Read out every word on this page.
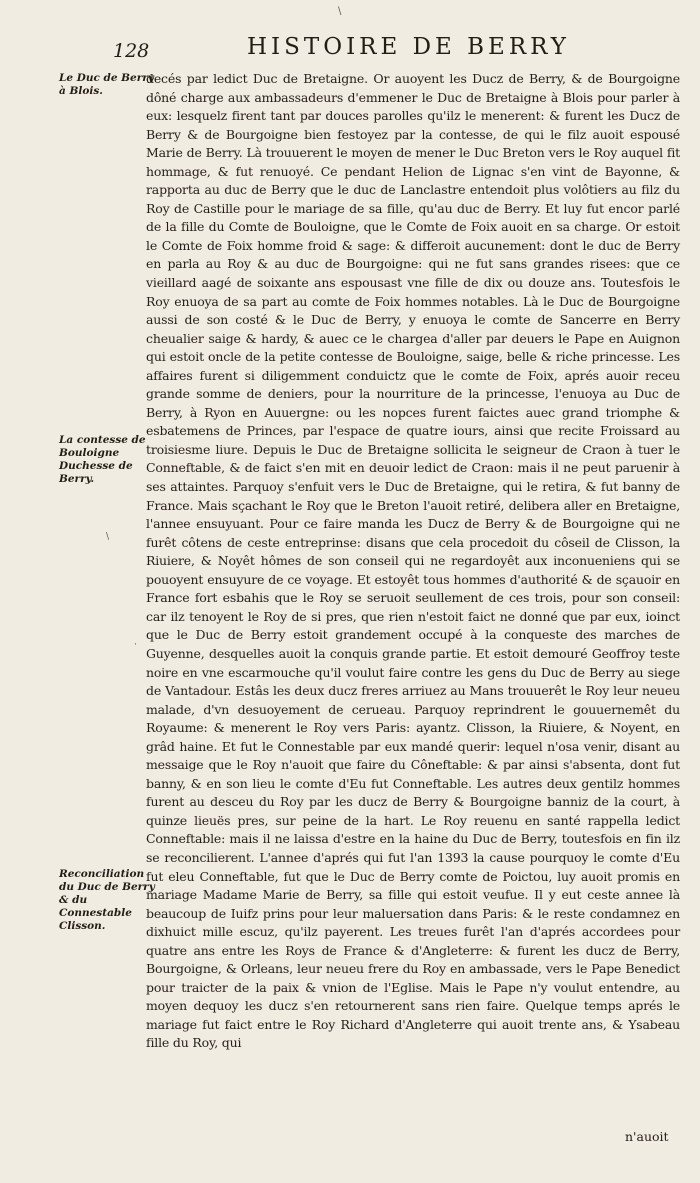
\
128	HISTOIRE DE BERRY
Le Duc de Berry à Blois.
La contesse de Bouloigne Duchesse de Berry.
Reconciliation du Duc de Berry & du Connestable Clisson.
\
·
decés par ledict Duc de Bretaigne. Or auoyent les Ducz de Berry, & de Bourgoigne dôné charge aux ambassadeurs d'emmener le Duc de Bretaigne à Blois pour parler à eux: lesquelz firent tant par douces parolles qu'ilz le menerent: & furent les Ducz de Berry & de Bourgoigne bien festoyez par la contesse, de qui le filz auoit espousé Marie de Berry. Là trouuerent le moyen de mener le Duc Breton vers le Roy auquel fit hommage, & fut renuoyé. Ce pendant Helion de Lignac s'en vint de Bayonne, & rapporta au duc de Berry que le duc de Lanclastre entendoit plus volôtiers au filz du Roy de Castille pour le mariage de sa fille, qu'au duc de Berry. Et luy fut encor parlé de la fille du Comte de Bouloigne, que le Comte de Foix auoit en sa charge. Or estoit le Comte de Foix homme froid & sage: & differoit aucunement: dont le duc de Berry en parla au Roy & au duc de Bourgoigne: qui ne fut sans grandes risees: que ce vieillard aagé de soixante ans espousast vne fille de dix ou douze ans. Toutesfois le Roy enuoya de sa part au comte de Foix hommes notables. Là le Duc de Bourgoigne aussi de son costé & le Duc de Berry, y enuoya le comte de Sancerre en Berry cheualier saige & hardy, & auec ce le chargea d'aller par deuers le Pape en Auignon qui estoit oncle de la petite contesse de Bouloigne, saige, belle & riche princesse. Les affaires furent si diligemment conduictz que le comte de Foix, aprés auoir receu grande somme de deniers, pour la nourriture de la princesse, l'enuoya au Duc de Berry, à Ryon en Auuergne: ou les nopces furent faictes auec grand triomphe & esbatemens de Princes, par l'espace de quatre iours, ainsi que recite Froissard au troisiesme liure. Depuis le Duc de Bretaigne sollicita le seigneur de Craon à tuer le Conneftable, & de faict s'en mit en deuoir ledict de Craon: mais il ne peut paruenir à ses attaintes. Parquoy s'enfuit vers le Duc de Bretaigne, qui le retira, & fut banny de France. Mais sçachant le Roy que le Breton l'auoit retiré, delibera aller en Bretaigne, l'annee ensuyuant. Pour ce faire manda les Ducz de Berry & de Bourgoigne qui ne furêt côtens de ceste entreprinse: disans que cela procedoit du côseil de Clisson, la Riuiere, & Noyêt hômes de son conseil qui ne regardoyêt aux inconueniens qui se pouoyent ensuyure de ce voyage. Et estoyêt tous hommes d'authorité & de sçauoir en France fort esbahis que le Roy se seruoit seullement de ces trois, pour son conseil: car ilz tenoyent le Roy de si pres, que rien n'estoit faict ne donné que par eux, ioinct que le Duc de Berry estoit grandement occupé à la conqueste des marches de Guyenne, desquelles auoit la conquis grande partie. Et estoit demouré Geoffroy teste noire en vne escarmouche qu'il voulut faire contre les gens du Duc de Berry au siege de Vantadour. Estâs les deux ducz freres arriuez au Mans trouuerêt le Roy leur neueu malade, d'vn desuoyement de cerueau. Parquoy reprindrent le gouuernemêt du Royaume: & menerent le Roy vers Paris: ayantz. Clisson, la Riuiere, & Noyent, en grâd haine. Et fut le Connestable par eux mandé querir: lequel n'osa venir, disant au messaige que le Roy n'auoit que faire du Côneftable: & par ainsi s'absenta, dont fut banny, & en son lieu le comte d'Eu fut Conneftable. Les autres deux gentilz hommes furent au desceu du Roy par les ducz de Berry & Bourgoigne banniz de la court, à quinze lieuës pres, sur peine de la hart. Le Roy reuenu en santé rappella ledict Conneftable: mais il ne laissa d'estre en la haine du Duc de Berry, toutesfois en fin ilz se reconcilierent. L'annee d'aprés qui fut l'an 1393 la cause pourquoy le comte d'Eu fut eleu Conneftable, fut que le Duc de Berry comte de Poictou, luy auoit promis en mariage Madame Marie de Berry, sa fille qui estoit veufue. Il y eut ceste annee là beaucoup de Iuifz prins pour leur maluersation dans Paris: & le reste condamnez en dixhuict mille escuz, qu'ilz payerent. Les treues furêt l'an d'aprés accordees pour quatre ans entre les Roys de France & d'Angleterre: & furent les ducz de Berry, Bourgoigne, & Orleans, leur neueu frere du Roy en ambassade, vers le Pape Benedict pour traicter de la paix & vnion de l'Eglise. Mais le Pape n'y voulut entendre, au moyen dequoy les ducz s'en retournerent sans rien faire. Quelque temps aprés le mariage fut faict entre le Roy Richard d'Angleterre qui auoit trente ans, & Ysabeau fille du Roy, qui
n'auoit
